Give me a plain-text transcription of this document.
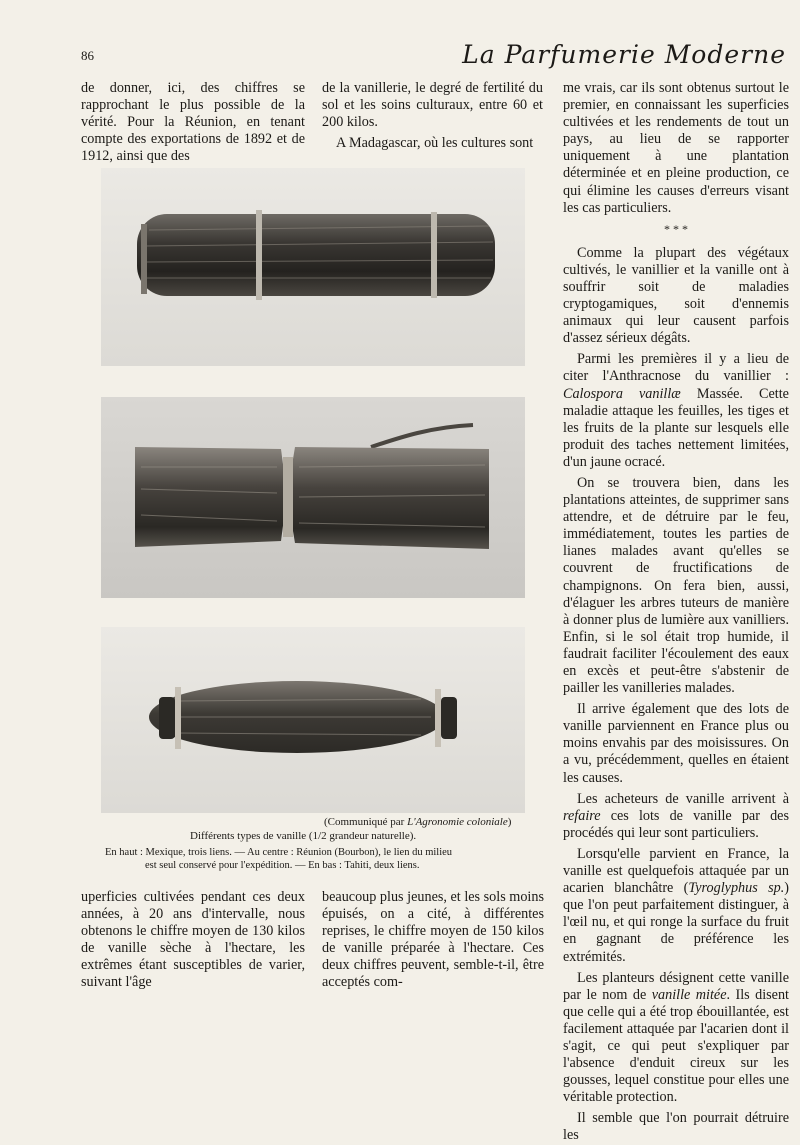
86	La Parfumerie Moderne

de donner, ici, des chiffres se rapprochant le plus possible de la vérité. Pour la Réunion, en tenant compte des exportations de 1892 et de 1912, ainsi que des

de la vanillerie, le degré de fertilité du sol et les soins culturaux, entre 60 et 200 kilos.

A Madagascar, où les cultures sont

me vrais, car ils sont obtenus surtout le premier, en connaissant les superficies cultivées et les rendements de tout un pays, au lieu de se rapporter uniquement à une plantation déterminée et en pleine production, ce qui élimine les causes d'erreurs visant les cas particuliers.

* * *

Comme la plupart des végétaux cultivés, le vanillier et la vanille ont à souffrir soit de maladies cryptogamiques, soit d'ennemis animaux qui leur causent parfois d'assez sérieux dégâts.

Parmi les premières il y a lieu de citer l'Anthracnose du vanillier : Calospora vanillæ Massée. Cette maladie attaque les feuilles, les tiges et les fruits de la plante sur lesquels elle produit des taches nettement limitées, d'un jaune ocracé.

On se trouvera bien, dans les plantations atteintes, de supprimer sans attendre, et de détruire par le feu, immédiatement, toutes les parties de lianes malades avant qu'elles se couvrent de fructifications de champignons. On fera bien, aussi, d'élaguer les arbres tuteurs de manière à donner plus de lumière aux vanilliers. Enfin, si le sol était trop humide, il faudrait faciliter l'écoulement des eaux en excès et peut-être s'abstenir de pailler les vanilleries malades.

Il arrive également que des lots de vanille parviennent en France plus ou moins envahis par des moisissures. On a vu, précédemment, quelles en étaient les causes.

Les acheteurs de vanille arrivent à refaire ces lots de vanille par des procédés qui leur sont particuliers.

Lorsqu'elle parvient en France, la vanille est quelquefois attaquée par un acarien blanchâtre (Tyroglyphus sp.) que l'on peut parfaitement distinguer, à l'œil nu, et qui ronge la surface du fruit en gagnant de préférence les extrémités.

Les planteurs désignent cette vanille par le nom de vanille mitée. Ils disent que celle qui a été trop ébouillantée, est facilement attaquée par l'acarien dont il s'agit, ce qui peut s'expliquer par l'absence d'enduit cireux sur les gousses, lequel constitue pour elles une véritable protection.

Il semble que l'on pourrait détruire les

(Communiqué par L'Agronomie coloniale)
Différents types de vanille (1/2 grandeur naturelle).
En haut : Mexique, trois liens. — Au centre : Réunion (Bourbon), le lien du milieu
est seul conservé pour l'expédition. — En bas : Tahiti, deux liens.

uperficies cultivées pendant ces deux années, à 20 ans d'intervalle, nous obtenons le chiffre moyen de 130 kilos de vanille sèche à l'hectare, les extrêmes étant susceptibles de varier, suivant l'âge

beaucoup plus jeunes, et les sols moins épuisés, on a cité, à différentes reprises, le chiffre moyen de 150 kilos de vanille préparée à l'hectare. Ces deux chiffres peuvent, semble-t-il, être acceptés com-
